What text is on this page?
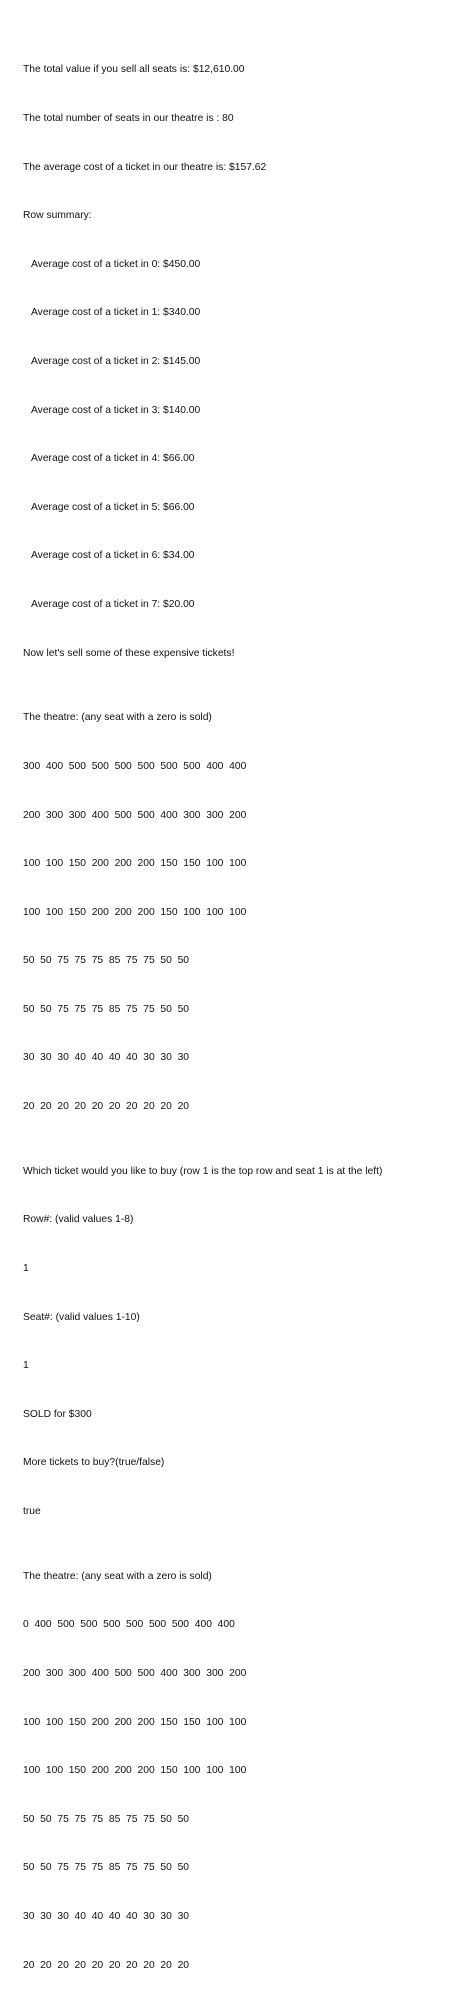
The total value if you sell all seats is: $12,610.00

The total number of seats in our theatre is : 80

The average cost of a ticket in our theatre is: $157.62

Row summary:

Average cost of a ticket in 0: $450.00

Average cost of a ticket in 1: $340.00

Average cost of a ticket in 2: $145.00

Average cost of a ticket in 3: $140.00

Average cost of a ticket in 4: $66.00

Average cost of a ticket in 5: $66.00

Average cost of a ticket in 6: $34.00

Average cost of a ticket in 7: $20.00

Now let's sell some of these expensive tickets!

The theatre: (any seat with a zero is sold)

300  400  500  500  500  500  500  500  400  400

200  300  300  400  500  500  400  300  300  200

100  100  150  200  200  200  150  150  100  100

100  100  150  200  200  200  150  100  100  100

50  50  75  75  75  85  75  75  50  50

50  50  75  75  75  85  75  75  50  50

30  30  30  40  40  40  40  30  30  30

20  20  20  20  20  20  20  20  20  20

Which ticket would you like to buy (row 1 is the top row and seat 1 is at the left)

Row#: (valid values 1-8)

1

Seat#: (valid values 1-10)

1

SOLD for $300

More tickets to buy?(true/false)

true

The theatre: (any seat with a zero is sold)

0  400  500  500  500  500  500  500  400  400

200  300  300  400  500  500  400  300  300  200

100  100  150  200  200  200  150  150  100  100

100  100  150  200  200  200  150  100  100  100

50  50  75  75  75  85  75  75  50  50

50  50  75  75  75  85  75  75  50  50

30  30  30  40  40  40  40  30  30  30

20  20  20  20  20  20  20  20  20  20
